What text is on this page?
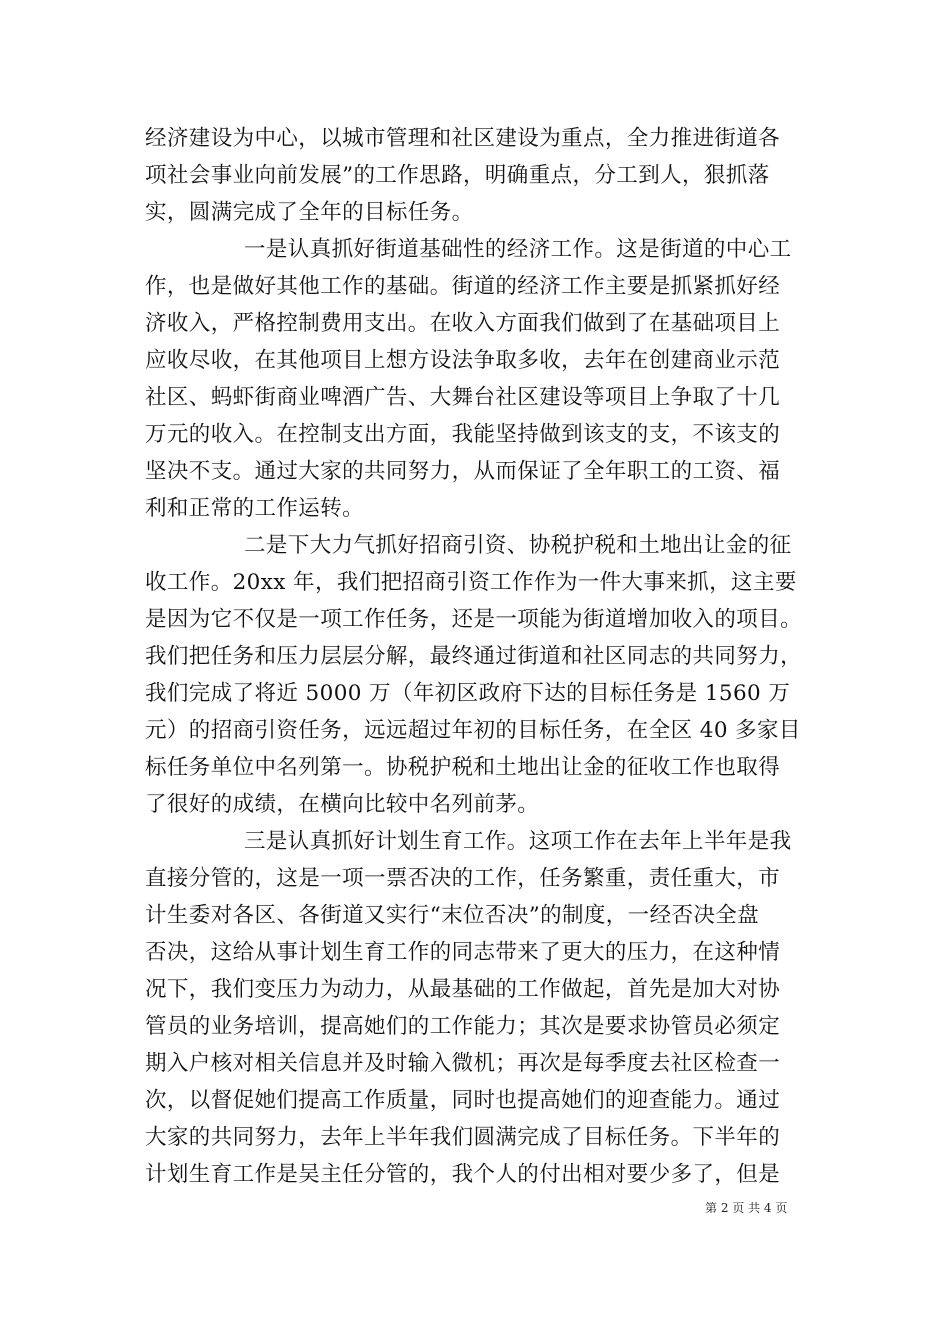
经济建设为中心，以城市管理和社区建设为重点，全力推进街道各
项社会事业向前发展”的工作思路，明确重点，分工到人，狠抓落
实，圆满完成了全年的目标任务。
一是认真抓好街道基础性的经济工作。这是街道的中心工
作，也是做好其他工作的基础。街道的经济工作主要是抓紧抓好经
济收入，严格控制费用支出。在收入方面我们做到了在基础项目上
应收尽收，在其他项目上想方设法争取多收，去年在创建商业示范
社区、蚂虾街商业啤酒广告、大舞台社区建设等项目上争取了十几
万元的收入。在控制支出方面，我能坚持做到该支的支，不该支的
坚决不支。通过大家的共同努力，从而保证了全年职工的工资、福
利和正常的工作运转。
二是下大力气抓好招商引资、协税护税和土地出让金的征
收工作。20xx 年，我们把招商引资工作作为一件大事来抓，这主要
是因为它不仅是一项工作任务，还是一项能为街道增加收入的项目。
我们把任务和压力层层分解，最终通过街道和社区同志的共同努力，
我们完成了将近 5000 万（年初区政府下达的目标任务是 1560 万
元）的招商引资任务，远远超过年初的目标任务，在全区 40 多家目
标任务单位中名列第一。协税护税和土地出让金的征收工作也取得
了很好的成绩，在横向比较中名列前茅。
三是认真抓好计划生育工作。这项工作在去年上半年是我
直接分管的，这是一项一票否决的工作，任务繁重，责任重大，市
计生委对各区、各街道又实行“末位否决”的制度，一经否决全盘
否决，这给从事计划生育工作的同志带来了更大的压力，在这种情
况下，我们变压力为动力，从最基础的工作做起，首先是加大对协
管员的业务培训，提高她们的工作能力；其次是要求协管员必须定
期入户核对相关信息并及时输入微机；再次是每季度去社区检查一
次，以督促她们提高工作质量，同时也提高她们的迎查能力。通过
大家的共同努力，去年上半年我们圆满完成了目标任务。下半年的
计划生育工作是吴主任分管的，我个人的付出相对要少多了，但是
第 2 页 共 4 页
